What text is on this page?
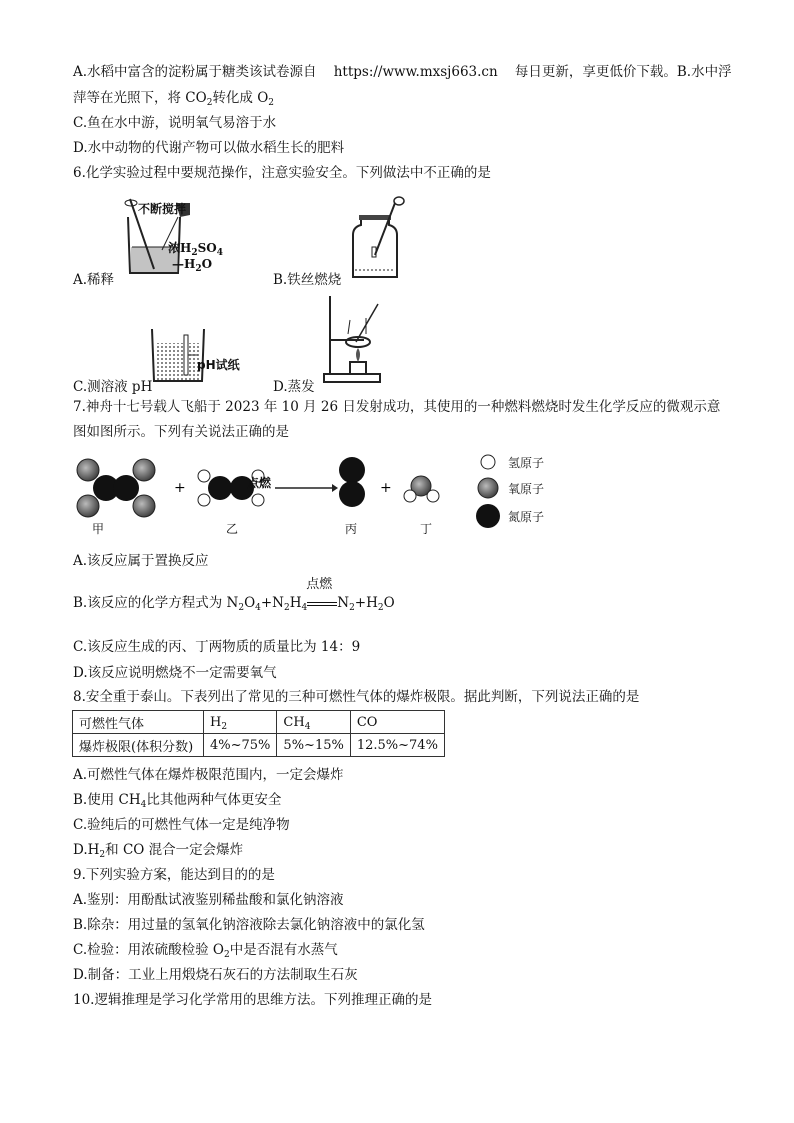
A.水稻中富含的淀粉属于糖类该试卷源自 https://www.mxsj663.cn 每日更新，享更低价下载。B.水中浮
萍等在光照下，将 $CO_2$转化成 $O_2$
C.鱼在水中游，说明氧气易溶于水
D.水中动物的代谢产物可以做水稻生长的肥料
6.化学实验过程中要规范操作，注意实验安全。下列做法中不正确的是
不断搅拌
浓$H_2SO_4$
$—H_2O$
A.稀释	B.铁丝燃烧
pH试纸
C.测溶液 pH	D.蒸发
7.神舟十七号载人飞船于 2023 年 10 月 26 日发射成功，其使用的一种燃料燃烧时发生化学反应的微观示意
图如图所示。下列有关说法正确的是
+	+
点燃
甲	乙	丙	丁
氢原子
氧原子
氮原子
A.该反应属于置换反应
B.该反应的化学方程式为 $N_2O_4+N_2H_4$
点燃
$N_2+H_2O$
C.该反应生成的丙、丁两物质的质量比为 14：9
D.该反应说明燃烧不一定需要氧气
8.安全重于泰山。下表列出了常见的三种可燃性气体的爆炸极限。据此判断，下列说法正确的是
可燃性气体	$H_2$	$CH_4$	CO
爆炸极限(体积分数)	4%~75%	5%~15%	12.5%~74%
A.可燃性气体在爆炸极限范围内，一定会爆炸
B.使用 $CH_4$比其他两种气体更安全
C.验纯后的可燃性气体一定是纯净物
$D.H_2$和 CO 混合一定会爆炸
9.下列实验方案，能达到目的的是
A.鉴别：用酚酞试液鉴别稀盐酸和氯化钠溶液
B.除杂：用过量的氢氧化钠溶液除去氯化钠溶液中的氯化氢
C.检验：用浓硫酸检验 $O_2$中是否混有水蒸气
D.制备：工业上用煅烧石灰石的方法制取生石灰
10.逻辑推理是学习化学常用的思维方法。下列推理正确的是
